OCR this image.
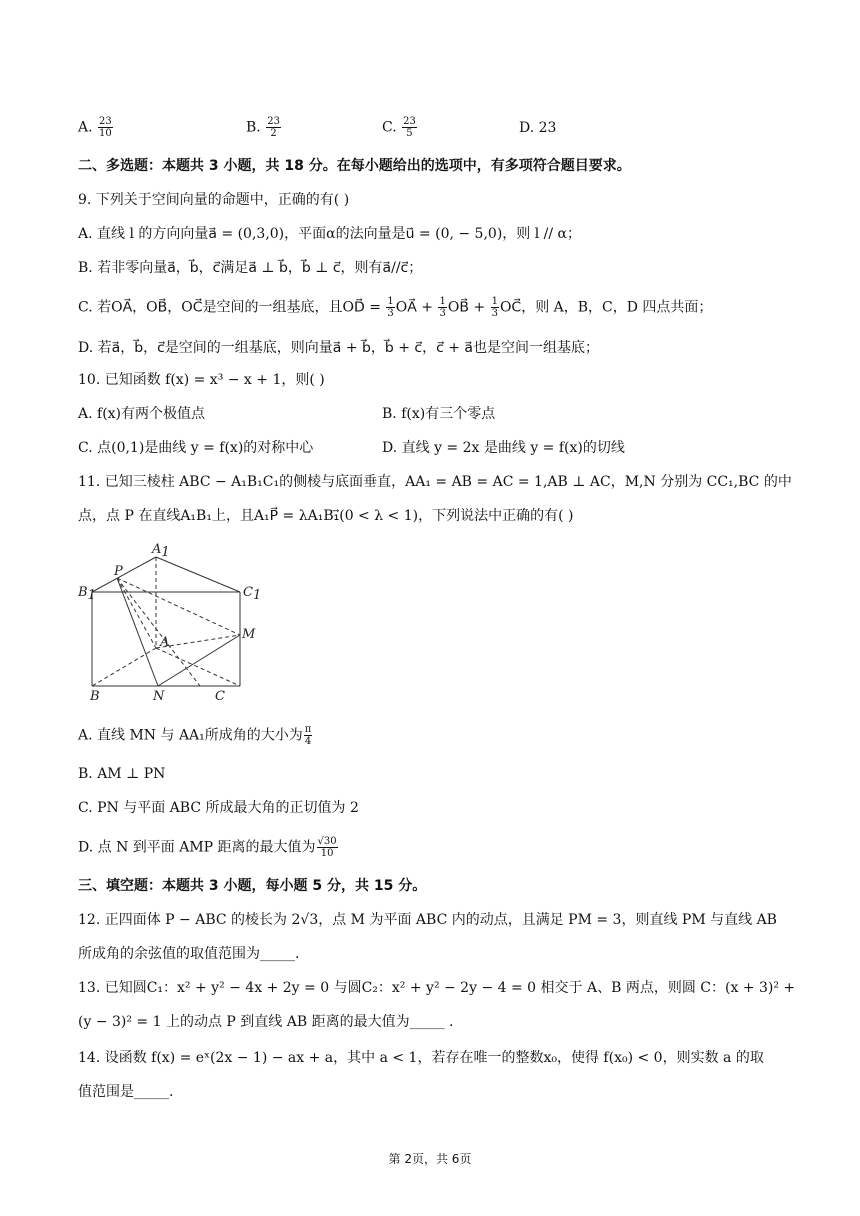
A. $\frac{23}{10}$	B. $\frac{23}{2}$	C. $\frac{23}{5}$	D. 23
二、多选题：本题共 3 小题，共 18 分。在每小题给出的选项中，有多项符合题目要求。
9. 下列关于空间向量的命题中，正确的有( )
A. 直线 l 的方向向量a⃗ = (0,3,0)，平面α的法向量是u⃗ = (0, − 5,0)，则 l // α；
B. 若非零向量a⃗，b⃗，c⃗满足a⃗ ⊥ b⃗，b⃗ ⊥ c⃗，则有a⃗//c⃗；
C. 若OA⃗，OB⃗，OC⃗是空间的一组基底，且OD⃗ = $\frac{1}{3}$ OA⃗ + $\frac{1}{3}$ OB⃗ + $\frac{1}{3}$ OC⃗，则 A，B，C，D 四点共面；
D. 若a⃗，b⃗，c⃗是空间的一组基底，则向量a⃗ + b⃗，b⃗ + c⃗，c⃗ + a⃗也是空间一组基底；
10. 已知函数 f(x) = x³ − x + 1，则( )
A. f(x)有两个极值点	B. f(x)有三个零点
C. 点(0,1)是曲线 y = f(x)的对称中心	D. 直线 y = 2x 是曲线 y = f(x)的切线
11. 已知三棱柱 ABC − A₁B₁C₁的侧棱与底面垂直，AA₁ = AB = AC = 1,AB ⊥ AC，M,N 分别为 CC₁,BC 的中
点，点 P 在直线A₁B₁上，且A₁P⃗ = λA₁B₁⃗(0 < λ < 1)，下列说法中正确的有( )
A1
B1	C1
P
A
M
B	N	C
A. 直线 MN 与 AA₁所成角的大小为 $\frac{\pi}{4}$
B. AM ⊥ PN
C. PN 与平面 ABC 所成最大角的正切值为 2
D. 点 N 到平面 AMP 距离的最大值为 $\frac{√30}{10}$
三、填空题：本题共 3 小题，每小题 5 分，共 15 分。
12. 正四面体 P − ABC 的棱长为 2√3，点 M 为平面 ABC 内的动点，且满足 PM = 3，则直线 PM 与直线 AB
所成角的余弦值的取值范围为_____.
13. 已知圆C₁：x² + y² − 4x + 2y = 0 与圆C₂：x² + y² − 2y − 4 = 0 相交于 A、B 两点，则圆 C：(x + 3)² +
(y − 3)² = 1 上的动点 P 到直线 AB 距离的最大值为_____ .
14. 设函数 f(x) = eˣ(2x − 1) − ax + a，其中 a < 1，若存在唯一的整数x₀，使得 f(x₀) < 0，则实数 a 的取
值范围是_____.
第 2页，共 6页
